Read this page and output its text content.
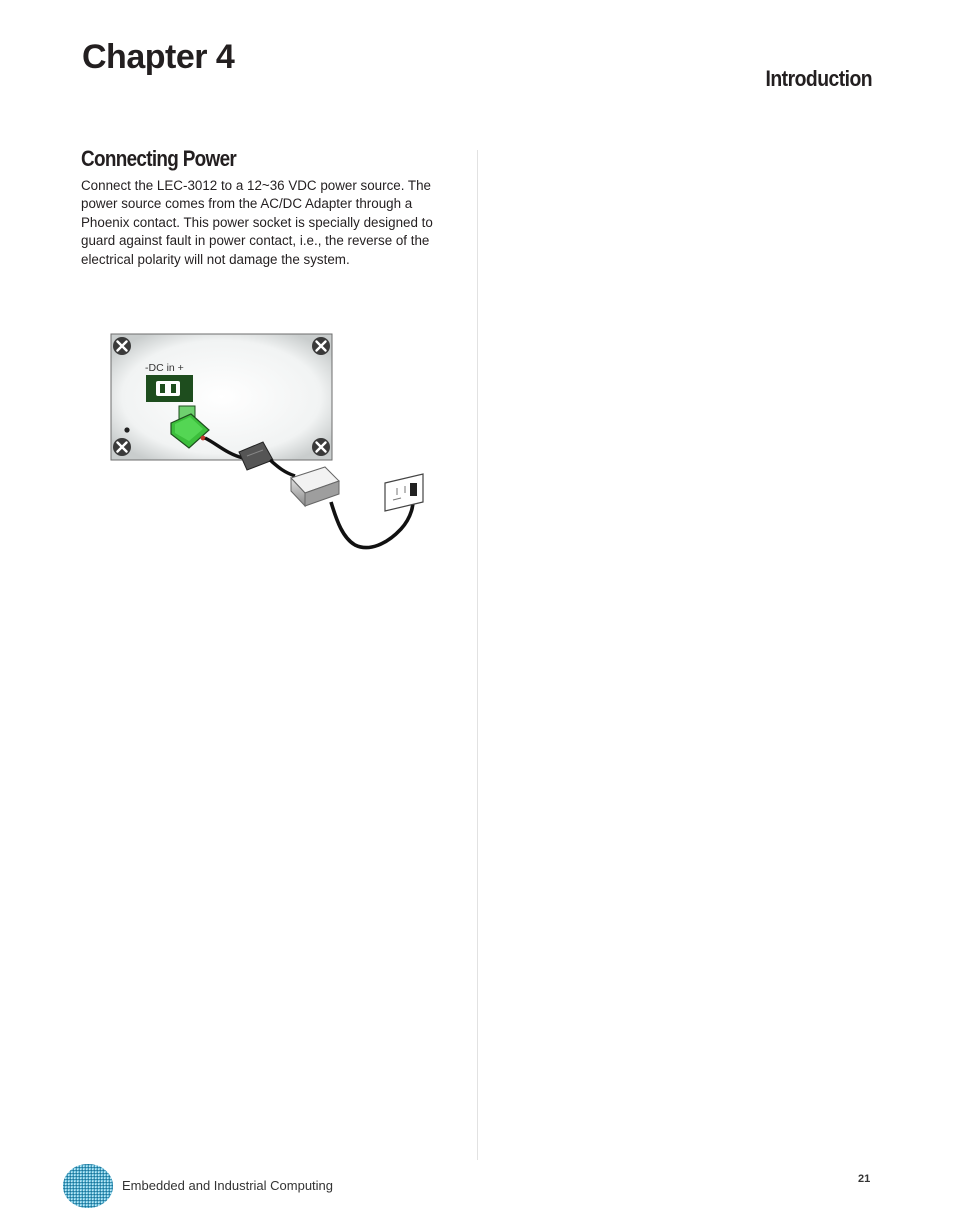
Chapter 4
Introduction
Connecting Power

Connect the LEC-3012 to a 12~36 VDC power source. The power source comes from the AC/DC Adapter through a Phoenix contact. This power socket is specially designed to guard against fault in power contact, i.e., the reverse of the electrical polarity will not damage the system.

-DC in +
Embedded and Industrial Computing	21
